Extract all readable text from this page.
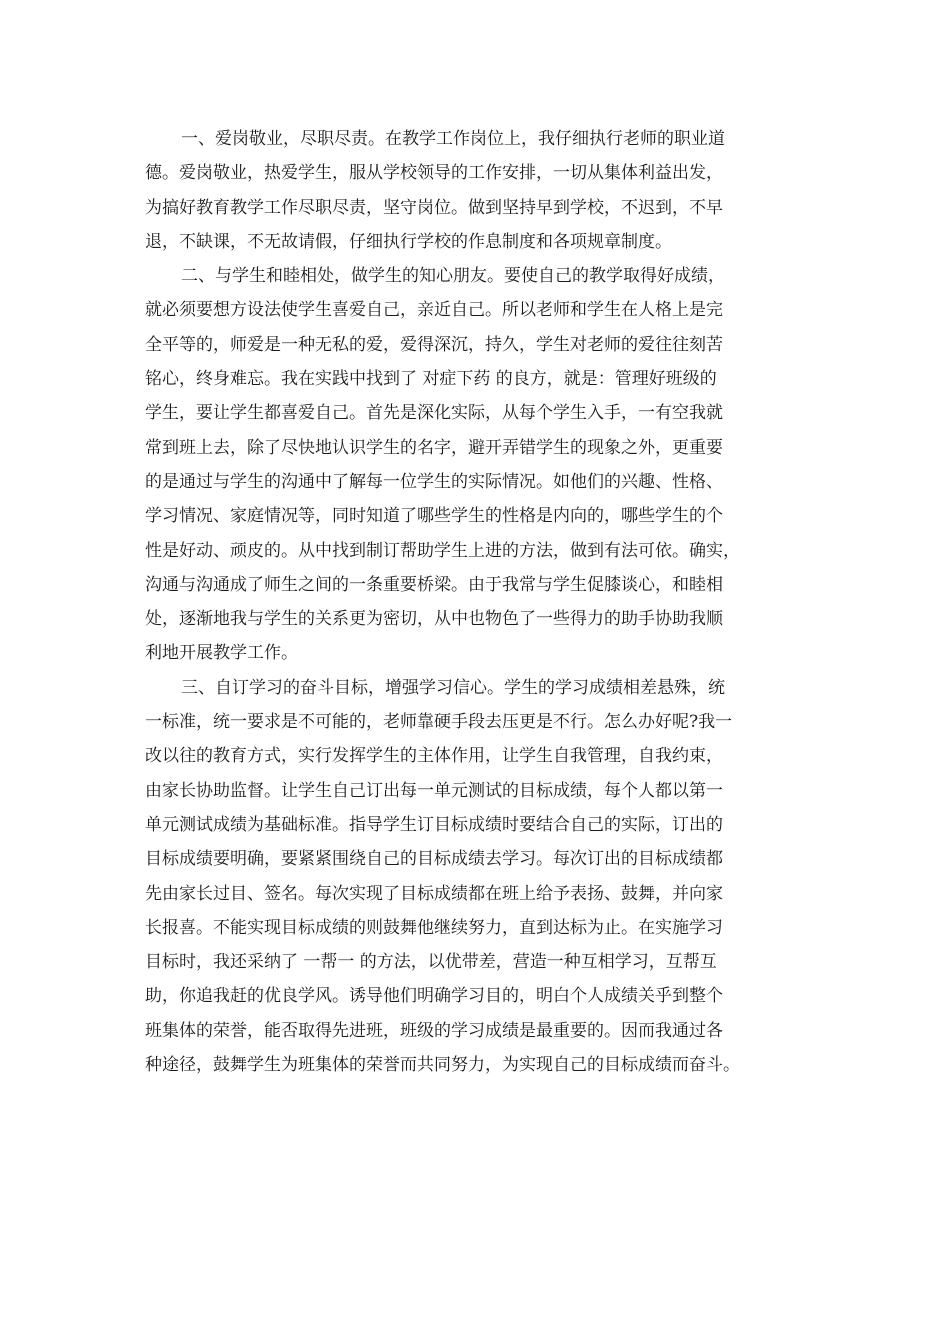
一、爱岗敬业，尽职尽责。在教学工作岗位上，我仔细执行老师的职业道
德。爱岗敬业，热爱学生，服从学校领导的工作安排，一切从集体利益出发，
为搞好教育教学工作尽职尽责，坚守岗位。做到坚持早到学校，不迟到，不早
退，不缺课，不无故请假，仔细执行学校的作息制度和各项规章制度。
二、与学生和睦相处，做学生的知心朋友。要使自己的教学取得好成绩，
就必须要想方设法使学生喜爱自己，亲近自己。所以老师和学生在人格上是完
全平等的，师爱是一种无私的爱，爱得深沉，持久，学生对老师的爱往往刻苦
铭心，终身难忘。我在实践中找到了 对症下药 的良方，就是：管理好班级的
学生，要让学生都喜爱自己。首先是深化实际，从每个学生入手，一有空我就
常到班上去，除了尽快地认识学生的名字，避开弄错学生的现象之外，更重要
的是通过与学生的沟通中了解每一位学生的实际情况。如他们的兴趣、性格、
学习情况、家庭情况等，同时知道了哪些学生的性格是内向的，哪些学生的个
性是好动、顽皮的。从中找到制订帮助学生上进的方法，做到有法可依。确实，
沟通与沟通成了师生之间的一条重要桥梁。由于我常与学生促膝谈心，和睦相
处，逐渐地我与学生的关系更为密切，从中也物色了一些得力的助手协助我顺
利地开展教学工作。
三、自订学习的奋斗目标，增强学习信心。学生的学习成绩相差悬殊，统
一标准，统一要求是不可能的，老师靠硬手段去压更是不行。怎么办好呢?我一
改以往的教育方式，实行发挥学生的主体作用，让学生自我管理，自我约束，
由家长协助监督。让学生自己订出每一单元测试的目标成绩，每个人都以第一
单元测试成绩为基础标准。指导学生订目标成绩时要结合自己的实际，订出的
目标成绩要明确，要紧紧围绕自己的目标成绩去学习。每次订出的目标成绩都
先由家长过目、签名。每次实现了目标成绩都在班上给予表扬、鼓舞，并向家
长报喜。不能实现目标成绩的则鼓舞他继续努力，直到达标为止。在实施学习
目标时，我还采纳了 一帮一 的方法，以优带差，营造一种互相学习，互帮互
助，你追我赶的优良学风。诱导他们明确学习目的，明白个人成绩关乎到整个
班集体的荣誉，能否取得先进班，班级的学习成绩是最重要的。因而我通过各
种途径，鼓舞学生为班集体的荣誉而共同努力，为实现自己的目标成绩而奋斗。
